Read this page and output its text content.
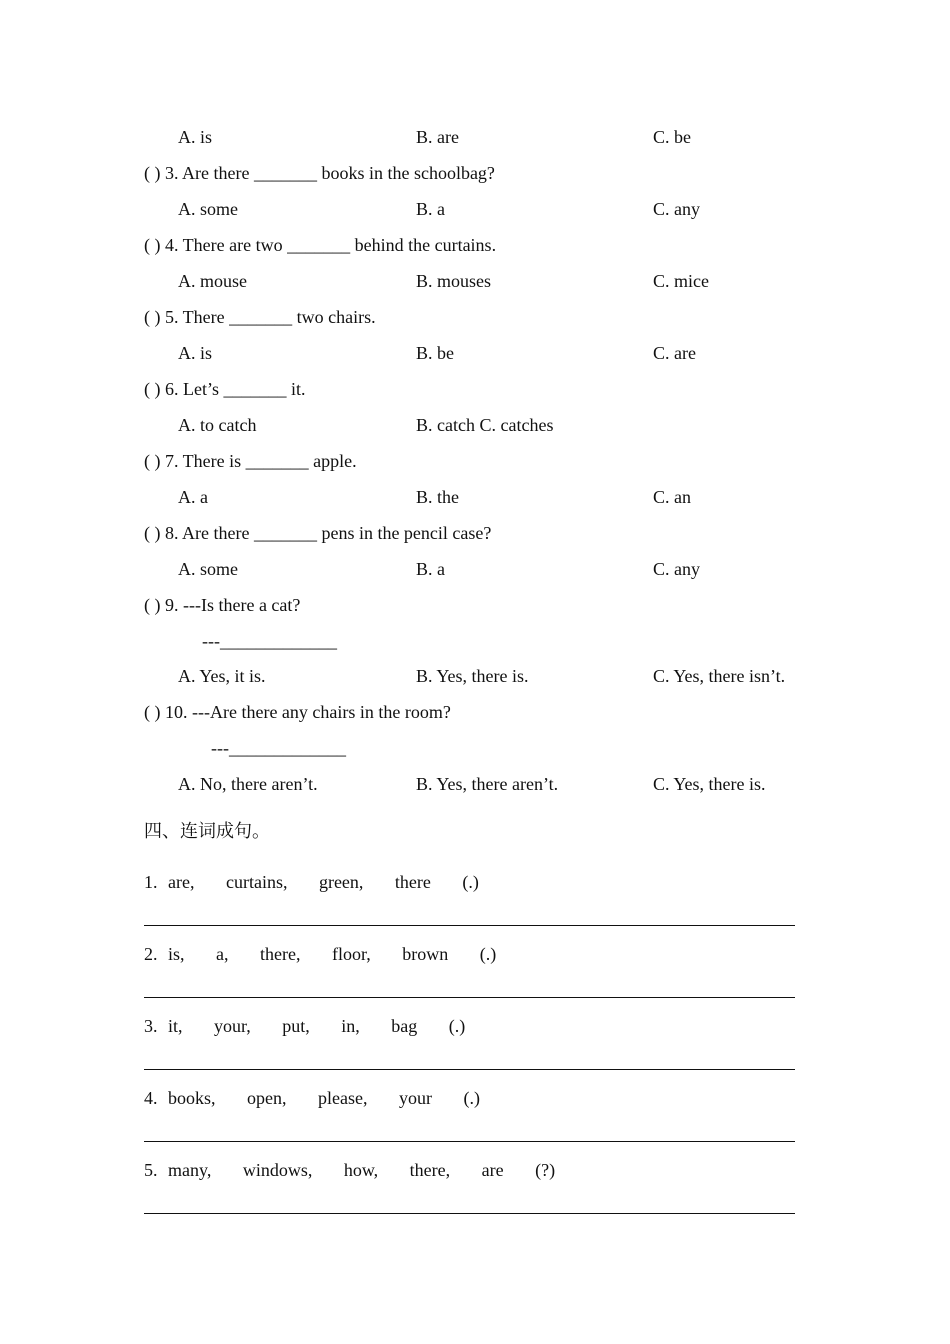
A. is	B. are	C. be
( ) 3. Are there _______ books in the schoolbag?
A. some	B. a	C. any
( ) 4. There are two _______ behind the curtains.
A. mouse	B. mouses	C. mice
( ) 5. There _______ two chairs.
A. is	B. be	C. are
( ) 6. Let’s _______ it.
A. to catch	B. catch C. catches
( ) 7. There is _______ apple.
A. a	B. the	C. an
( ) 8. Are there _______ pens in the pencil case?
A. some	B. a	C. any
( ) 9. ---Is there a cat?
---_____________
A. Yes, it is.	B. Yes, there is.	C. Yes, there isn’t.
( ) 10. ---Are there any chairs in the room?
---_____________
A. No, there aren’t.	B. Yes, there aren’t.	C. Yes, there is.
四、连词成句。
1. are,   curtains,   green,   there   (.)
2. is,   a,   there,   floor,   brown   (.)
3. it,   your,   put,   in,   bag   (.)
4. books,   open,   please,   your   (.)
5. many,   windows,   how,   there,   are   (?)
